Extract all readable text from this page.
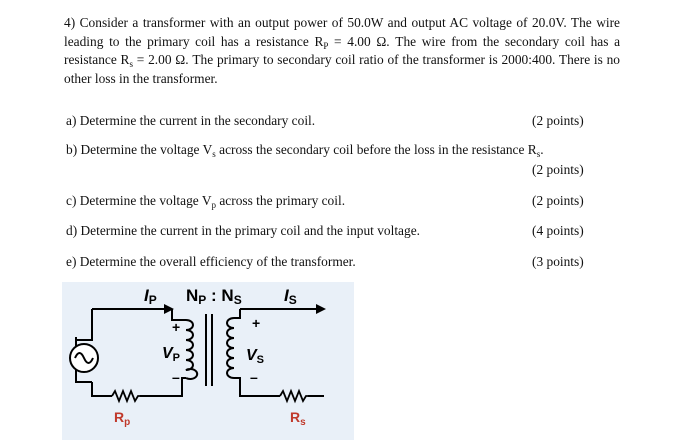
4) Consider a transformer with an output power of 50.0W and output AC voltage of 20.0V. The wire leading to the primary coil has a resistance $R_P = 4.00$ Ω. The wire from the secondary coil has a resistance $R_s = 2.00$ Ω. The primary to secondary coil ratio of the transformer is 2000:400. There is no other loss in the transformer.
a) Determine the current in the secondary coil.	(2 points)
b) Determine the voltage $V_s$ across the secondary coil before the loss in the resistance $R_s$.
(2 points)
c) Determine the voltage $V_p$ across the primary coil.	(2 points)
d) Determine the current in the primary coil and the input voltage.	(4 points)
e) Determine the overall efficiency of the transformer.	(3 points)
IP NP : NS IS
+
VP
–
+
VS
–
$R_p$	$R_s$
